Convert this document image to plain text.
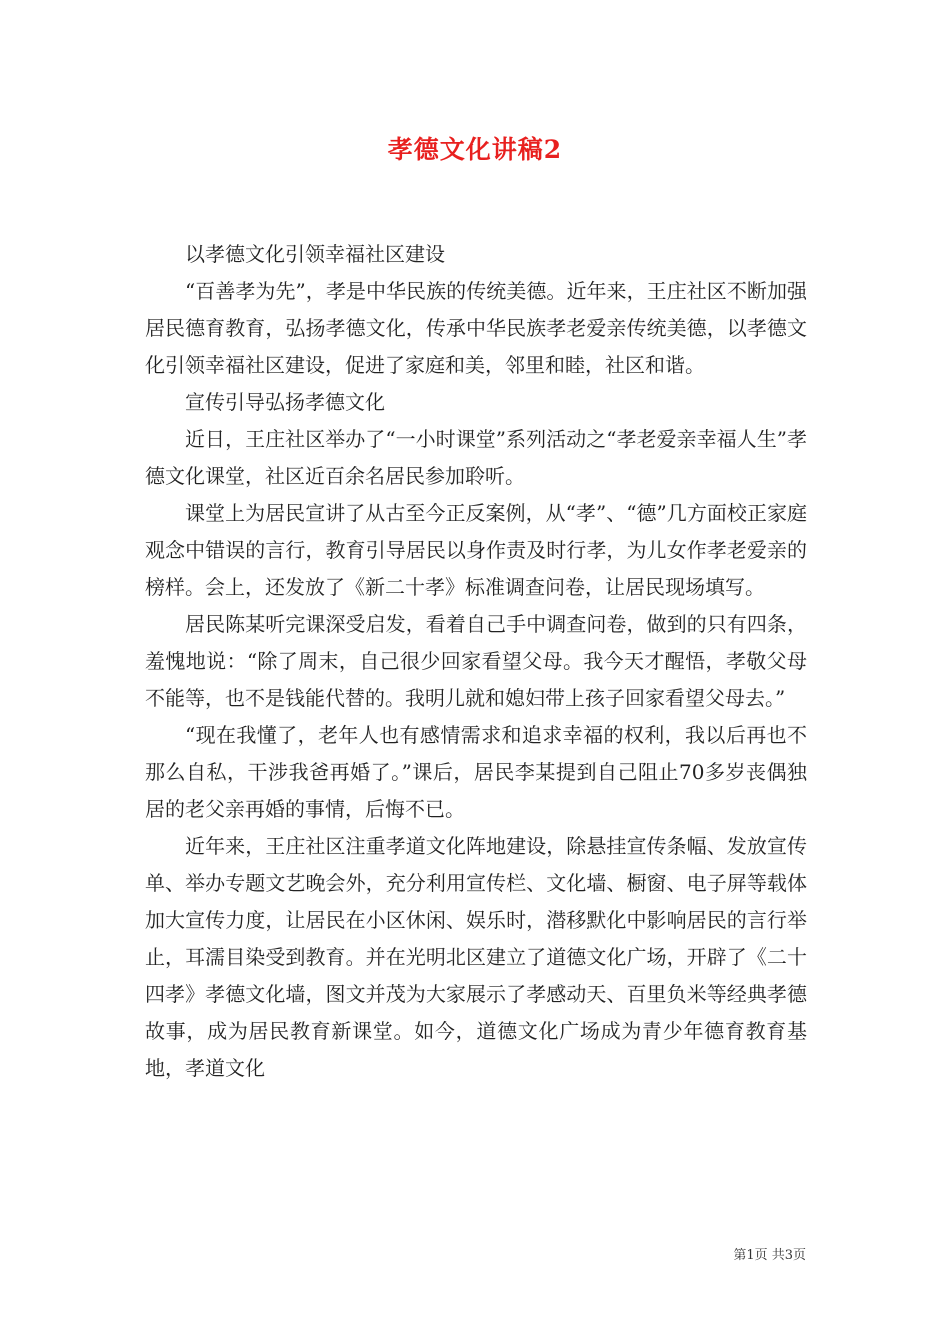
孝德文化讲稿2

以孝德文化引领幸福社区建设

“百善孝为先”，孝是中华民族的传统美德。近年来，王庄社区不断加强居民德育教育，弘扬孝德文化，传承中华民族孝老爱亲传统美德，以孝德文化引领幸福社区建设，促进了家庭和美，邻里和睦，社区和谐。

宣传引导弘扬孝德文化

近日，王庄社区举办了“一小时课堂”系列活动之“孝老爱亲幸福人生”孝德文化课堂，社区近百余名居民参加聆听。

课堂上为居民宣讲了从古至今正反案例，从“孝”、“德”几方面校正家庭观念中错误的言行，教育引导居民以身作责及时行孝，为儿女作孝老爱亲的榜样。会上，还发放了《新二十孝》标准调查问卷，让居民现场填写。

居民陈某听完课深受启发，看着自己手中调查问卷，做到的只有四条，羞愧地说：“除了周末，自己很少回家看望父母。我今天才醒悟，孝敬父母不能等，也不是钱能代替的。我明儿就和媳妇带上孩子回家看望父母去。”

“现在我懂了，老年人也有感情需求和追求幸福的权利，我以后再也不那么自私，干涉我爸再婚了。”课后，居民李某提到自己阻止70多岁丧偶独居的老父亲再婚的事情，后悔不已。

近年来，王庄社区注重孝道文化阵地建设，除悬挂宣传条幅、发放宣传单、举办专题文艺晚会外，充分利用宣传栏、文化墙、橱窗、电子屏等载体加大宣传力度，让居民在小区休闲、娱乐时，潜移默化中影响居民的言行举止，耳濡目染受到教育。并在光明北区建立了道德文化广场，开辟了《二十四孝》孝德文化墙，图文并茂为大家展示了孝感动天、百里负米等经典孝德故事，成为居民教育新课堂。如今，道德文化广场成为青少年德育教育基地，孝道文化

第1页 共3页
